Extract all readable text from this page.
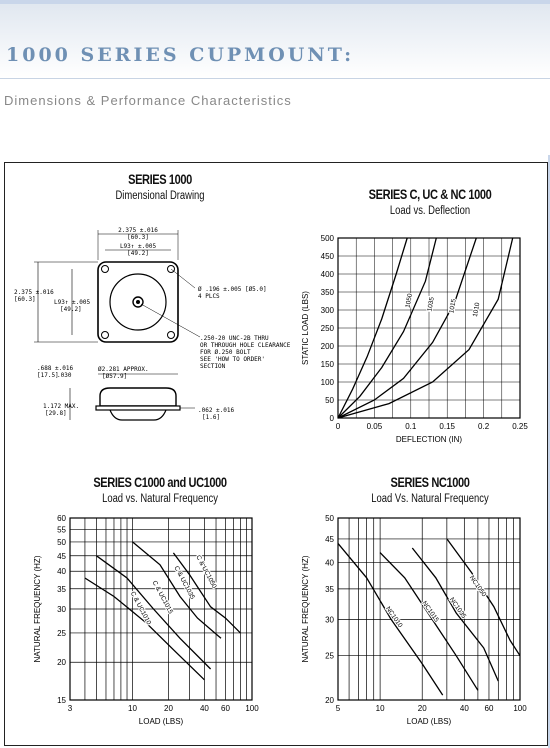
1000 SERIES CUPMOUNT:
Dimensions & Performance Characteristics
SERIES 1000
Dimensional Drawing
2.375 ±.016
[60.3]
L93↑ ±.005
[49.2]
2.375 ±.016
[60.3]	L93↑ ±.005
[49.2]
Ø .196 ±.005 [Ø5.0]
4 PLCS
.250-20 UNC-2B THRU
OR THROUGH HOLE CLEARANCE
FOR Ø.250 BOLT
SEE 'HOW TO ORDER'
SECTION
Ø2.281 APPROX.
[Ø57.9]
1.172 MAX.
[29.8]
.688 ±.016
.030
[17.5]
.062 ±.016
[1.6]
SERIES C, UC & NC 1000
Load vs. Deflection
0	0.05	0.1	0.15	0.2	0.25
0
50
100
150
200
250
300
350
400
450
500
DEFLECTION (IN)
STATIC LOAD (LBS)	1050 1035 1015 1010
SERIES C1000 and UC1000
Load vs. Natural Frequency
3	10	20	40 60 100
15
20
25
30
35
40
45
50
55
60
LOAD (LBS)
NATURAL FREQUENCY (HZ)	C & UC1050
C & UC1035
C & UC1015
C & UC1010
SERIES NC1000
Load Vs. Natural Frequency
5	10	20	40 60 100
20
25
30
35
40
45
50
LOAD (LBS)
NATURAL FREQUENCY (HZ)	NC1010	NC1015 NC1035
NC1050
